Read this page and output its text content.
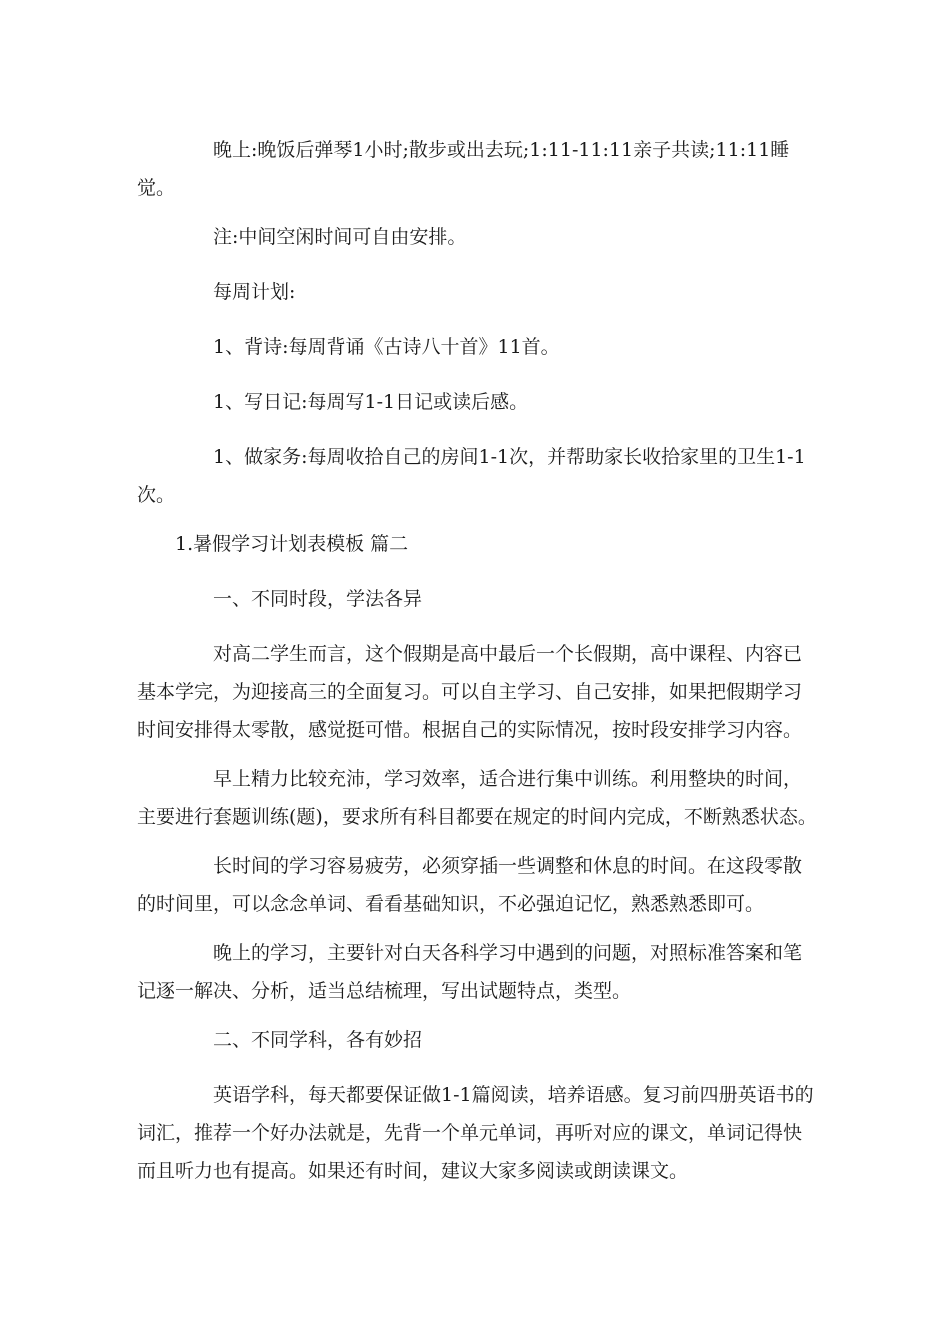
晚上:晚饭后弹琴1小时;散步或出去玩;1:11-11:11亲子共读;11:11睡觉。

注:中间空闲时间可自由安排。

每周计划:

1、背诗:每周背诵《古诗八十首》11首。

1、写日记:每周写1-1日记或读后感。

1、做家务:每周收拾自己的房间1-1次，并帮助家长收拾家里的卫生1-1次。

1.暑假学习计划表模板 篇二

一、不同时段，学法各异

对高二学生而言，这个假期是高中最后一个长假期，高中课程、内容已基本学完，为迎接高三的全面复习。可以自主学习、自己安排，如果把假期学习时间安排得太零散，感觉挺可惜。根据自己的实际情况，按时段安排学习内容。

早上精力比较充沛，学习效率，适合进行集中训练。利用整块的时间，主要进行套题训练(题)，要求所有科目都要在规定的时间内完成，不断熟悉状态。

长时间的学习容易疲劳，必须穿插一些调整和休息的时间。在这段零散的时间里，可以念念单词、看看基础知识，不必强迫记忆，熟悉熟悉即可。

晚上的学习，主要针对白天各科学习中遇到的问题，对照标准答案和笔记逐一解决、分析，适当总结梳理，写出试题特点，类型。

二、不同学科，各有妙招

英语学科，每天都要保证做1-1篇阅读，培养语感。复习前四册英语书的词汇，推荐一个好办法就是，先背一个单元单词，再听对应的课文，单词记得快而且听力也有提高。如果还有时间，建议大家多阅读或朗读课文。
